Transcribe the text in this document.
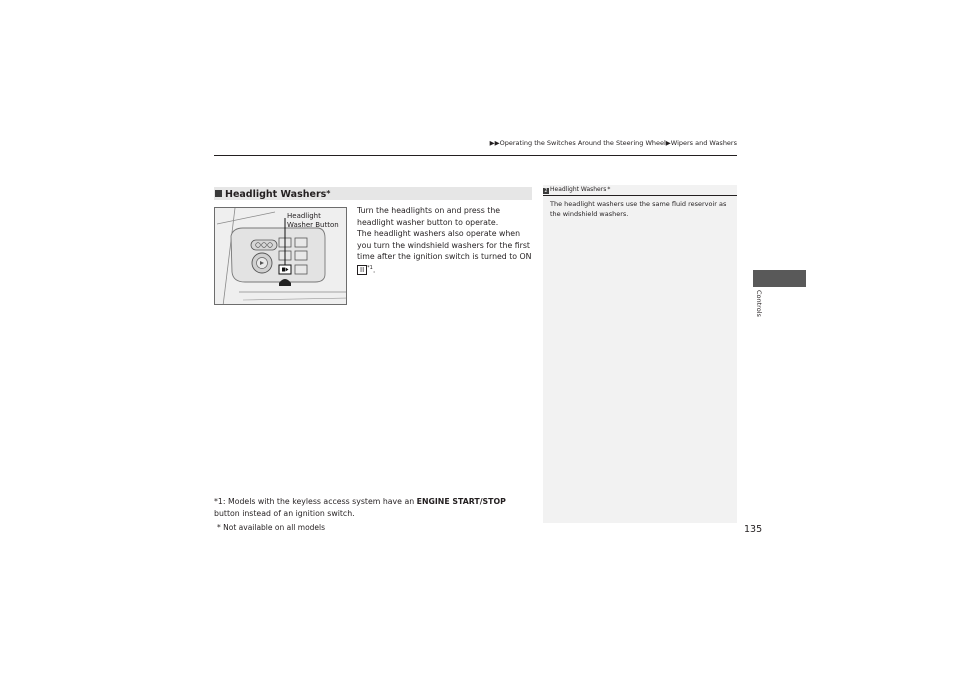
▶▶Operating the Switches Around the Steering Wheel▶Wipers and Washers
Headlight Washers*
Headlight
Washer Button

Turn the headlights on and press the headlight washer button to operate.

The headlight washers also operate when you turn the windshield washers for the first time after the ignition switch is turned to ON II $^{*1}$.

2 Headlight Washers*
The headlight washers use the same fluid reservoir as the windshield washers.
Controls
*1: Models with the keyless access system have an ENGINE START/STOP button instead of an ignition switch.
* Not available on all models	135
